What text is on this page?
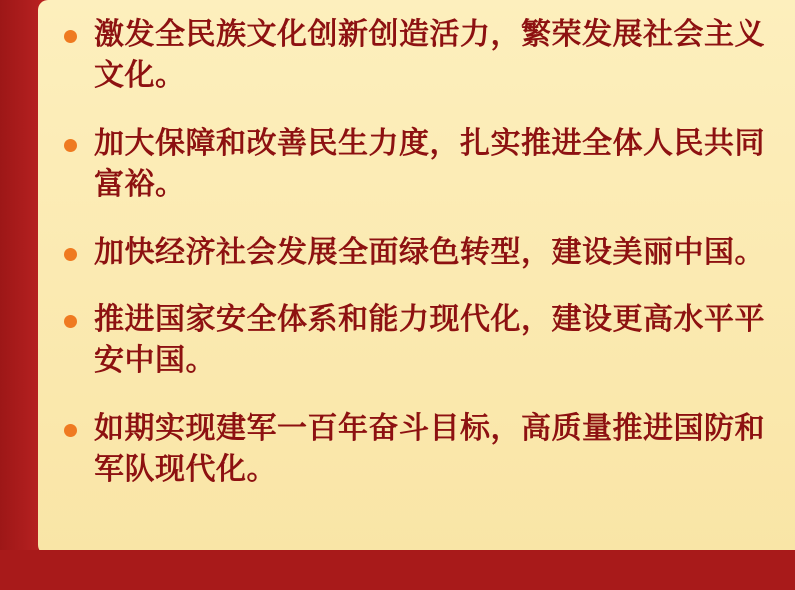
激发全民族文化创新创造活力，繁荣发展社会主义文化。
加大保障和改善民生力度，扎实推进全体人民共同富裕。
加快经济社会发展全面绿色转型，建设美丽中国。
推进国家安全体系和能力现代化，建设更高水平平安中国。
如期实现建军一百年奋斗目标，高质量推进国防和军队现代化。
